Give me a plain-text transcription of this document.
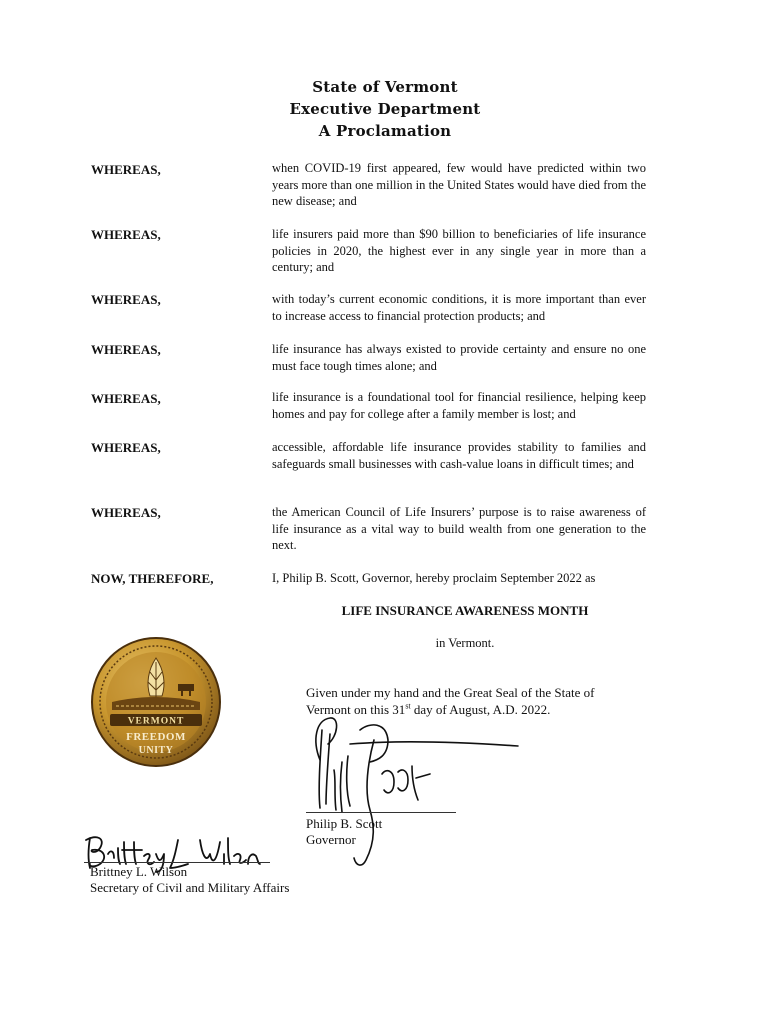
State of Vermont
Executive Department
A Proclamation
WHEREAS,	when COVID-19 first appeared, few would have predicted within two years more than one million in the United States would have died from the new disease; and
WHEREAS,	life insurers paid more than $90 billion to beneficiaries of life insurance policies in 2020, the highest ever in any single year in more than a century; and
WHEREAS,	with today’s current economic conditions, it is more important than ever to increase access to financial protection products; and
WHEREAS,	life insurance has always existed to provide certainty and ensure no one must face tough times alone; and
WHEREAS,	life insurance is a foundational tool for financial resilience, helping keep homes and pay for college after a family member is lost; and
WHEREAS,	accessible, affordable life insurance provides stability to families and safeguards small businesses with cash-value loans in difficult times; and
WHEREAS,	the American Council of Life Insurers’ purpose is to raise awareness of life insurance as a vital way to build wealth from one generation to the next.
NOW, THEREFORE,	I, Philip B. Scott, Governor, hereby proclaim September 2022 as
LIFE INSURANCE AWARENESS MONTH
in Vermont.
VERMONT
FREEDOM
UNITY
Given under my hand and the Great Seal of the State of
Vermont on this 31st day of August, A.D. 2022.
Philip B. Scott
Governor
Brittney L. Wilson
Secretary of Civil and Military Affairs
